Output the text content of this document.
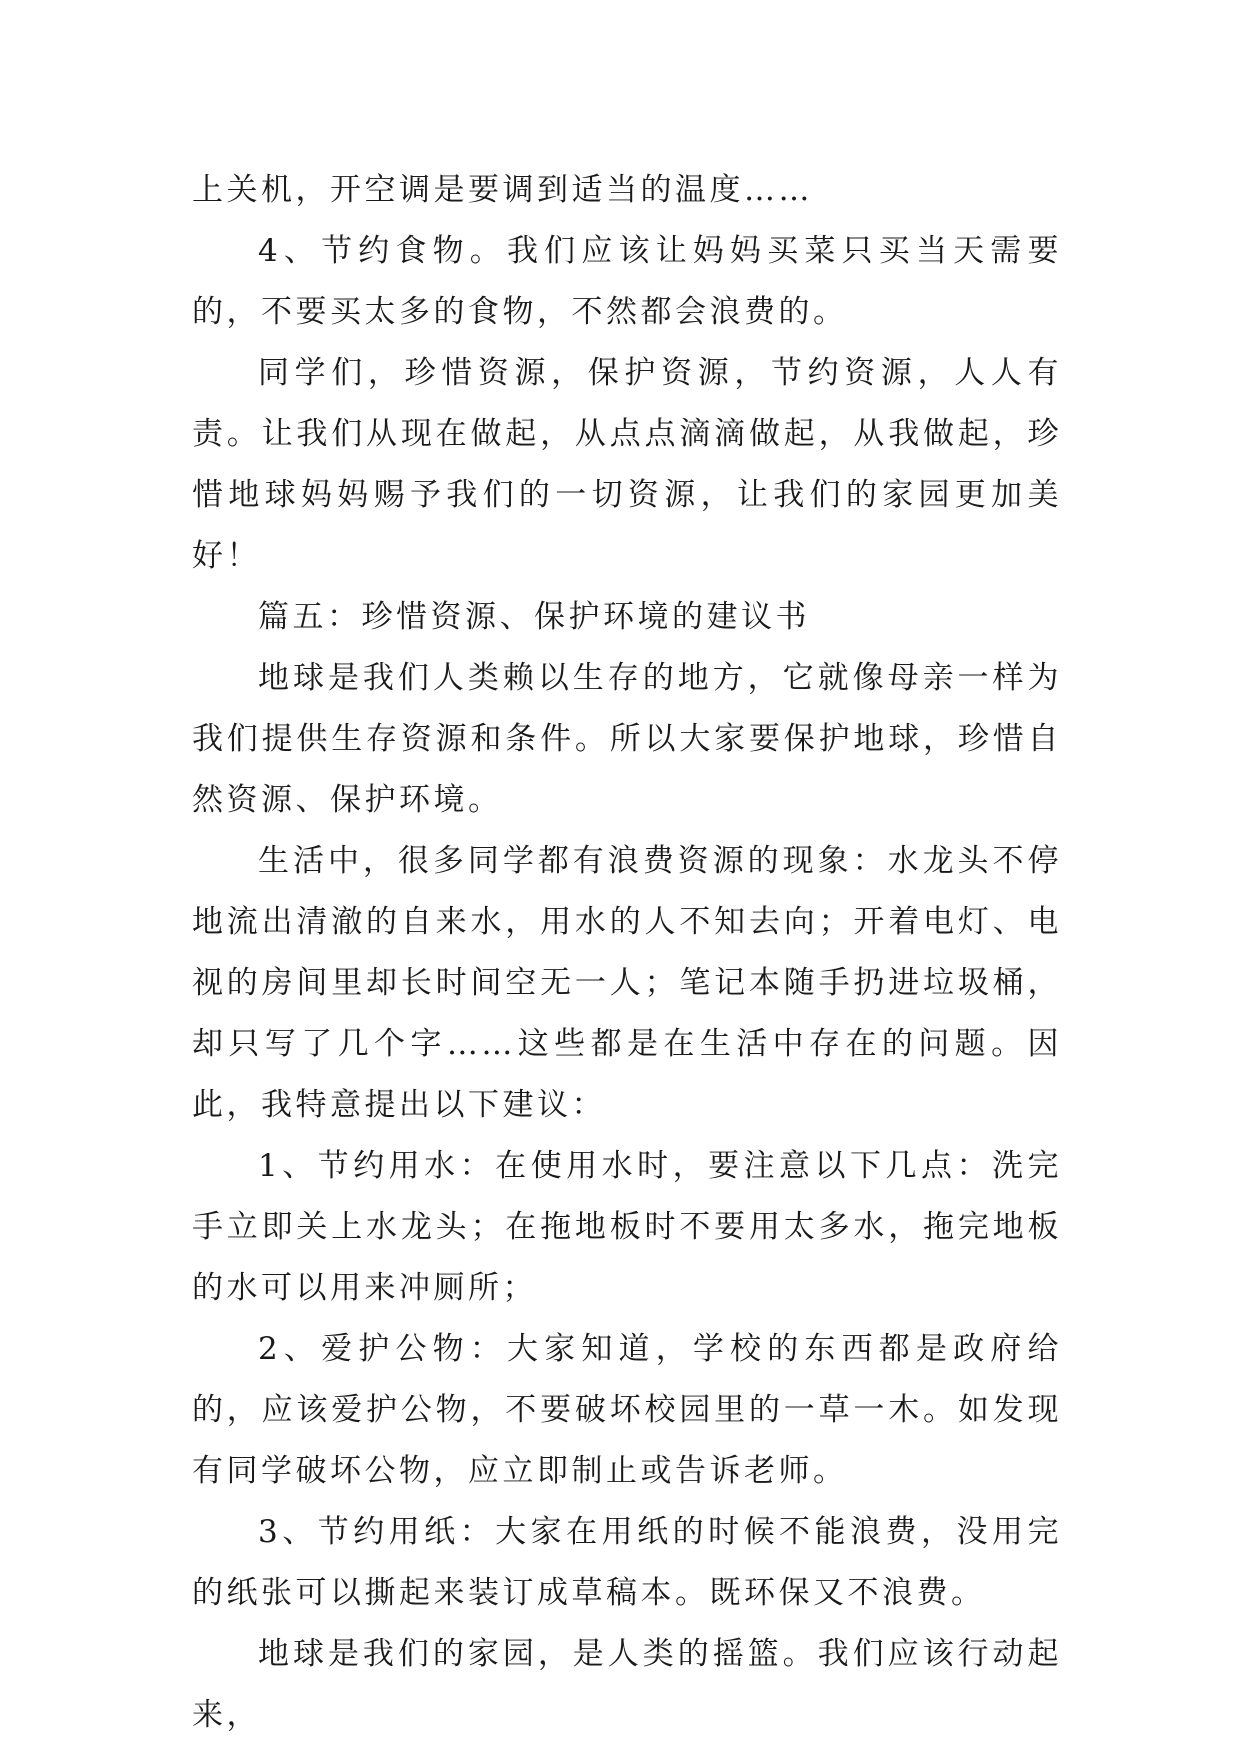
上关机，开空调是要调到适当的温度……

4、节约食物。我们应该让妈妈买菜只买当天需要的，不要买太多的食物，不然都会浪费的。

同学们，珍惜资源，保护资源，节约资源，人人有责。让我们从现在做起，从点点滴滴做起，从我做起，珍惜地球妈妈赐予我们的一切资源，让我们的家园更加美好！

篇五：珍惜资源、保护环境的建议书

地球是我们人类赖以生存的地方，它就像母亲一样为我们提供生存资源和条件。所以大家要保护地球，珍惜自然资源、保护环境。

生活中，很多同学都有浪费资源的现象：水龙头不停地流出清澈的自来水，用水的人不知去向；开着电灯、电视的房间里却长时间空无一人；笔记本随手扔进垃圾桶，却只写了几个字……这些都是在生活中存在的问题。因此，我特意提出以下建议：

1、节约用水：在使用水时，要注意以下几点：洗完手立即关上水龙头；在拖地板时不要用太多水，拖完地板的水可以用来冲厕所；

2、爱护公物：大家知道，学校的东西都是政府给的，应该爱护公物，不要破坏校园里的一草一木。如发现有同学破坏公物，应立即制止或告诉老师。

3、节约用纸：大家在用纸的时候不能浪费，没用完的纸张可以撕起来装订成草稿本。既环保又不浪费。

地球是我们的家园，是人类的摇篮。我们应该行动起来，
